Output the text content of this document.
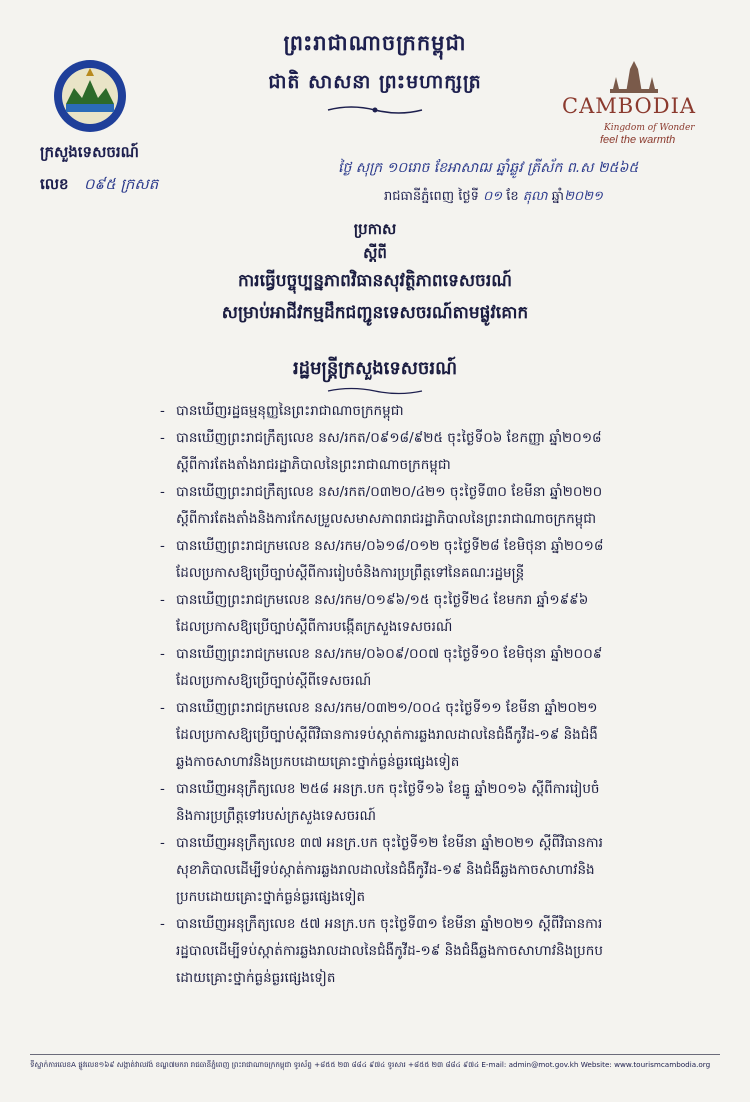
ព្រះរាជាណាចក្រកម្ពុជា
ជាតិ សាសនា ព្រះមហាក្សត្រ
ក្រសួងទេសចរណ៍
លេខ ០៩៥ ក្រសត
CAMBODIA
Kingdom of Wonder
feel the warmth
ថ្ងៃ សុក្រ ១០រោច ខែអាសាឍ ឆ្នាំឆ្លូវ ត្រីស័ក ព.ស ២៥៦៥
រាជធានីភ្នំពេញ ថ្ងៃទី ០១ ខែ តុលា ឆ្នាំ២០២១
ប្រកាស
ស្តីពី
ការធ្វើបច្ចុប្បន្នភាពវិធានសុវត្ថិភាពទេសចរណ៍
សម្រាប់អាជីវកម្មដឹកជញ្ជូនទេសចរណ៍តាមផ្លូវគោក
រដ្ឋមន្ត្រីក្រសួងទេសចរណ៍
- បានឃើញរដ្ឋធម្មនុញ្ញនៃព្រះរាជាណាចក្រកម្ពុជា
- បានឃើញព្រះរាជក្រឹត្យលេខ នស/រកត/០៩១៨/៩២៥ ចុះថ្ងៃទី០៦ ខែកញ្ញា ឆ្នាំ២០១៨
ស្តីពីការតែងតាំងរាជរដ្ឋាភិបាលនៃព្រះរាជាណាចក្រកម្ពុជា
- បានឃើញព្រះរាជក្រឹត្យលេខ នស/រកត/០៣២០/៤២១ ចុះថ្ងៃទី៣០ ខែមីនា ឆ្នាំ២០២០
ស្តីពីការតែងតាំងនិងការកែសម្រួលសមាសភាពរាជរដ្ឋាភិបាលនៃព្រះរាជាណាចក្រកម្ពុជា
- បានឃើញព្រះរាជក្រមលេខ នស/រកម/០៦១៨/០១២ ចុះថ្ងៃទី២៨ ខែមិថុនា ឆ្នាំ២០១៨
ដែលប្រកាសឱ្យប្រើច្បាប់ស្តីពីការរៀបចំនិងការប្រព្រឹត្តទៅនៃគណៈរដ្ឋមន្ត្រី
- បានឃើញព្រះរាជក្រមលេខ នស/រកម/០១៩៦/១៥ ចុះថ្ងៃទី២៤ ខែមករា ឆ្នាំ១៩៩៦
ដែលប្រកាសឱ្យប្រើច្បាប់ស្តីពីការបង្កើតក្រសួងទេសចរណ៍
- បានឃើញព្រះរាជក្រមលេខ នស/រកម/០៦០៩/០០៧ ចុះថ្ងៃទី១០ ខែមិថុនា ឆ្នាំ២០០៩
ដែលប្រកាសឱ្យប្រើច្បាប់ស្តីពីទេសចរណ៍
- បានឃើញព្រះរាជក្រមលេខ នស/រកម/០៣២១/០០៤ ចុះថ្ងៃទី១១ ខែមីនា ឆ្នាំ២០២១
ដែលប្រកាសឱ្យប្រើច្បាប់ស្តីពីវិធានការទប់ស្កាត់ការឆ្លងរាលដាលនៃជំងឺកូវីដ-១៩ និងជំងឺ
ឆ្លងកាចសាហាវនិងប្រកបដោយគ្រោះថ្នាក់ធ្ងន់ធ្ងរផ្សេងទៀត
- បានឃើញអនុក្រឹត្យលេខ ២៥៨ អនក្រ.បក ចុះថ្ងៃទី១៦ ខែធ្នូ ឆ្នាំ២០១៦ ស្តីពីការរៀបចំ
និងការប្រព្រឹត្តទៅរបស់ក្រសួងទេសចរណ៍
- បានឃើញអនុក្រឹត្យលេខ ៣៧ អនក្រ.បក ចុះថ្ងៃទី១២ ខែមីនា ឆ្នាំ២០២១ ស្តីពីវិធានការ
សុខាភិបាលដើម្បីទប់ស្កាត់ការឆ្លងរាលដាលនៃជំងឺកូវីដ-១៩ និងជំងឺឆ្លងកាចសាហាវនិង
ប្រកបដោយគ្រោះថ្នាក់ធ្ងន់ធ្ងរផ្សេងទៀត
- បានឃើញអនុក្រឹត្យលេខ ៥៧ អនក្រ.បក ចុះថ្ងៃទី៣១ ខែមីនា ឆ្នាំ២០២១ ស្តីពីវិធានការ
រដ្ឋបាលដើម្បីទប់ស្កាត់ការឆ្លងរាលដាលនៃជំងឺកូវីដ-១៩ និងជំងឺឆ្លងកាចសាហាវនិងប្រកប
ដោយគ្រោះថ្នាក់ធ្ងន់ធ្ងរផ្សេងទៀត
ទីស្នាក់ការលេខA ផ្លូវលេខ១៦៩ សង្កាត់វាលវង់ ខណ្ឌ៧មករា រាជធានីភ្នំពេញ ព្រះរាជាណាចក្រកម្ពុជា ទូរស័ព្ទ +៨៥៥ ២៣ ៨៨៤ ៩៧៤ ទូរសារ +៨៥៥ ២៣ ៨៨៤ ៩៧៤ E-mail: admin@mot.gov.kh Website: www.tourismcambodia.org
